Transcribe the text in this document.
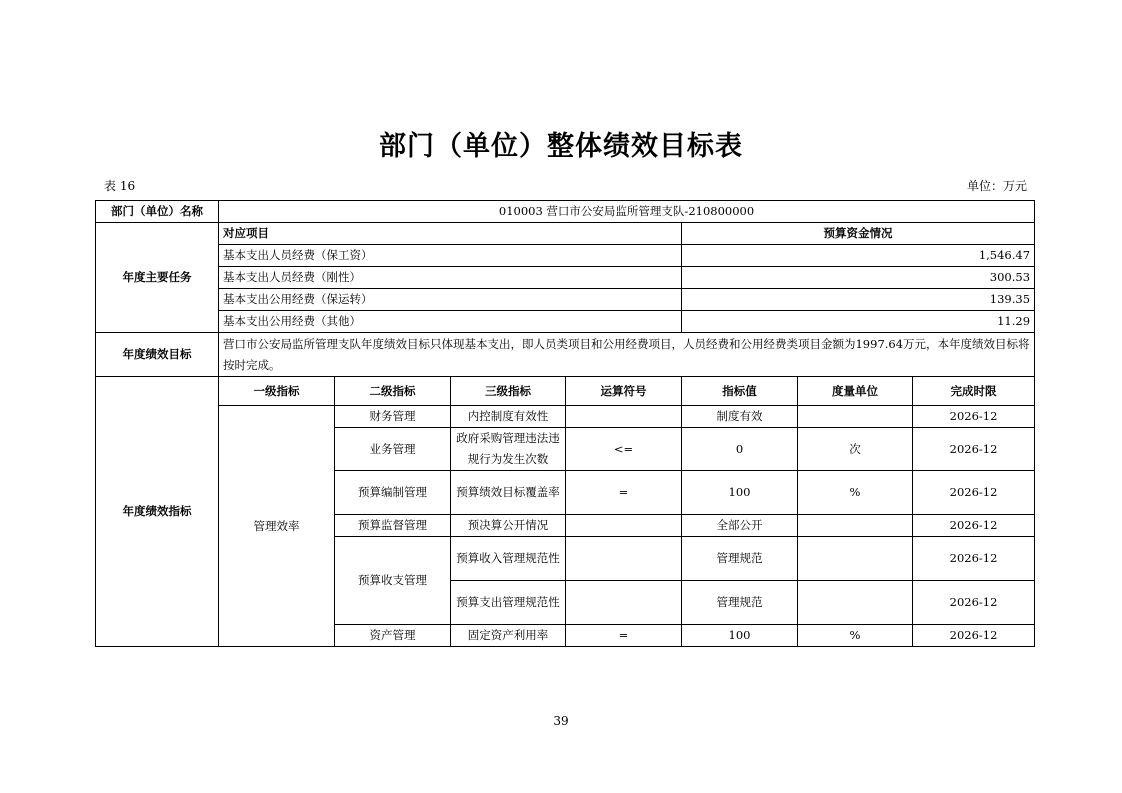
部门（单位）整体绩效目标表
表 16	单位：万元
部门（单位）名称	010003 营口市公安局监所管理支队-210800000						
年度主要任务	对应项目				预算资金情况		
	基本支出人员经费（保工资）				1,546.47		
	基本支出人员经费（刚性）				300.53		
	基本支出公用经费（保运转）				139.35		
	基本支出公用经费（其他）				11.29		
年度绩效目标	营口市公安局监所管理支队年度绩效目标只体现基本支出，即人员类项目和公用经费项目，人员经费和公用经费类项目金额为1997.64万元，本年度绩效目标将按时完成。						
年度绩效指标	一级指标	二级指标	三级指标	运算符号	指标值	度量单位	完成时限
	管理效率	财务管理	内控制度有效性		制度有效		2026-12
		业务管理	政府采购管理违法违规行为发生次数	<=	0	次	2026-12
		预算编制管理	预算绩效目标覆盖率	=	100	%	2026-12
		预算监督管理	预决算公开情况		全部公开		2026-12
		预算收支管理	预算收入管理规范性		管理规范		2026-12
			预算支出管理规范性		管理规范		2026-12
		资产管理	固定资产利用率	=	100	%	2026-12
39
